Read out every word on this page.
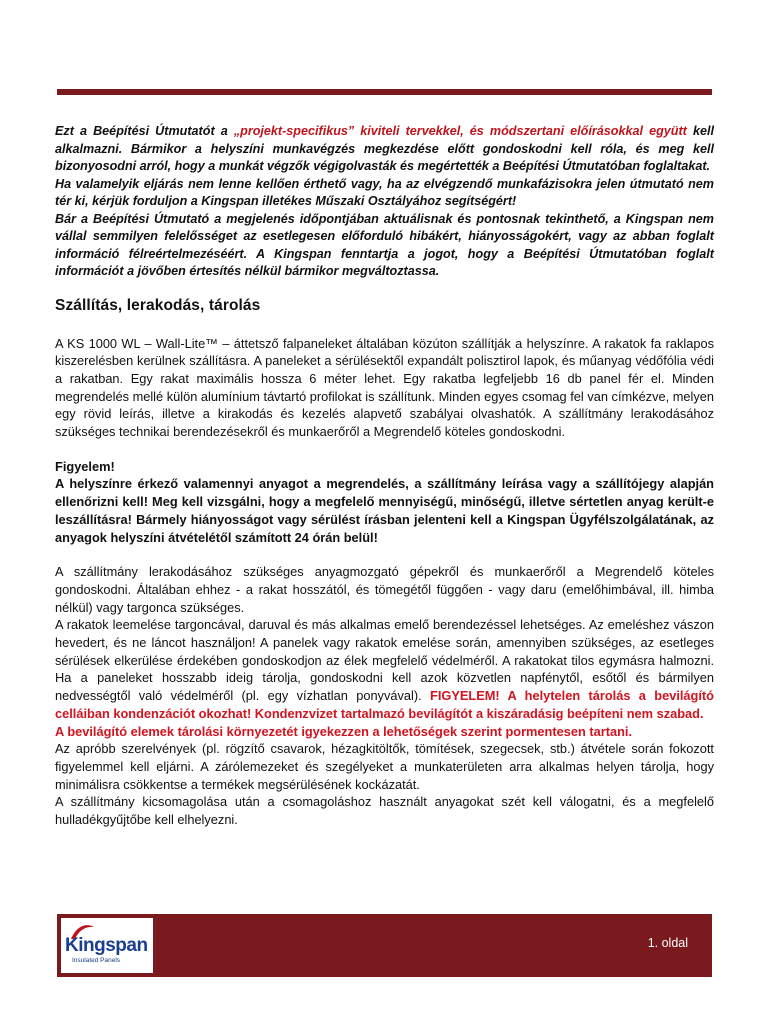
Ezt a Beépítési Útmutatót a „projekt-specifikus” kiviteli tervekkel, és módszertani előírásokkal együtt kell alkalmazni. Bármikor a helyszíni munkavégzés megkezdése előtt gondoskodni kell róla, és meg kell bizonyosodni arról, hogy a munkát végzők végigolvasták és megértették a Beépítési Útmutatóban foglaltakat.

Ha valamelyik eljárás nem lenne kellően érthető vagy, ha az elvégzendő munkafázisokra jelen útmutató nem tér ki, kérjük forduljon a Kingspan illetékes Műszaki Osztályához segítségért!

Bár a Beépítési Útmutató a megjelenés időpontjában aktuálisnak és pontosnak tekinthető, a Kingspan nem vállal semmilyen felelősséget az esetlegesen előforduló hibákért, hiányosságokért, vagy az abban foglalt információ félreértelmezéséért. A Kingspan fenntartja a jogot, hogy a Beépítési Útmutatóban foglalt információt a jövőben értesítés nélkül bármikor megváltoztassa.

Szállítás, lerakodás, tárolás

A KS 1000 WL – Wall-Lite™ – áttetsző falpaneleket általában közúton szállítják a helyszínre. A rakatok fa raklapos kiszerelésben kerülnek szállításra. A paneleket a sérülésektől expandált polisztirol lapok, és műanyag védőfólia védi a rakatban. Egy rakat maximális hossza 6 méter lehet. Egy rakatba legfeljebb 16 db panel fér el. Minden megrendelés mellé külön alumínium távtartó profilokat is szállítunk. Minden egyes csomag fel van címkézve, melyen egy rövid leírás, illetve a kirakodás és kezelés alapvető szabályai olvashatók. A szállítmány lerakodásához szükséges technikai berendezésekről és munkaerőről a Megrendelő köteles gondoskodni.

Figyelem!

A helyszínre érkező valamennyi anyagot a megrendelés, a szállítmány leírása vagy a szállítójegy alapján ellenőrizni kell! Meg kell vizsgálni, hogy a megfelelő mennyiségű, minőségű, illetve sértetlen anyag került-e leszállításra! Bármely hiányosságot vagy sérülést írásban jelenteni kell a Kingspan Ügyfélszolgálatának, az anyagok helyszíni átvételétől számított 24 órán belül!

A szállítmány lerakodásához szükséges anyagmozgató gépekről és munkaerőről a Megrendelő köteles gondoskodni. Általában ehhez - a rakat hosszától, és tömegétől függően - vagy daru (emelőhimbával, ill. himba nélkül) vagy targonca szükséges.

A rakatok leemelése targoncával, daruval és más alkalmas emelő berendezéssel lehetséges. Az emeléshez vászon hevedert, és ne láncot használjon! A panelek vagy rakatok emelése során, amennyiben szükséges, az esetleges sérülések elkerülése érdekében gondoskodjon az élek megfelelő védelméről. A rakatokat tilos egymásra halmozni. Ha a paneleket hosszabb ideig tárolja, gondoskodni kell azok közvetlen napfénytől, esőtől és bármilyen nedvességtől való védelméről (pl. egy vízhatlan ponyvával). FIGYELEM! A helytelen tárolás a bevilágító celláiban kondenzációt okozhat! Kondenzvizet tartalmazó bevilágítót a kiszáradásig beépíteni nem szabad.

A bevilágító elemek tárolási környezetét igyekezzen a lehetőségek szerint pormentesen tartani.

Az apróbb szerelvények (pl. rögzítő csavarok, hézagkitöltők, tömítések, szegecsek, stb.) átvétele során fokozott figyelemmel kell eljárni. A zárólemezeket és szegélyeket a munkaterületen arra alkalmas helyen tárolja, hogy minimálisra csökkentse a termékek megsérülésének kockázatát.

A szállítmány kicsomagolása után a csomagoláshoz használt anyagokat szét kell válogatni, és a megfelelő hulladékgyűjtőbe kell elhelyezni.

Kingspan
Insulated Panels
1. oldal
